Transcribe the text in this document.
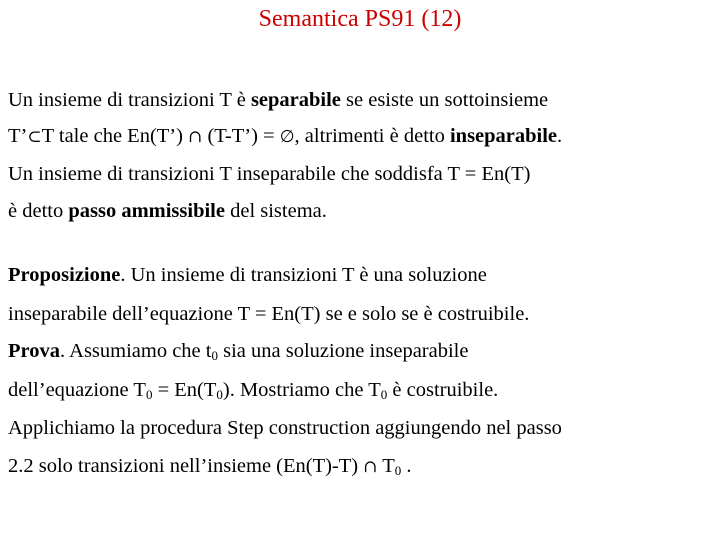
Semantica PS91 (12)
Un insieme di transizioni T è separabile se esiste un sottoinsieme
T’⊂T tale che En(T’) ∩ (T-T’) = ∅, altrimenti è detto inseparabile.
Un insieme di transizioni T inseparabile che soddisfa T = En(T)
è detto passo ammissibile del sistema.
Proposizione. Un insieme di transizioni T è una soluzione
inseparabile dell’equazione T = En(T) se e solo se è costruibile.
Prova. Assumiamo che $t_0$ sia una soluzione inseparabile
dell’equazione $T_0 = En(T_0)$. Mostriamo che $T_0$ è costruibile.
Applichiamo la procedura Step construction aggiungendo nel passo
2.2 solo transizioni nell’insieme (En(T)-T) ∩ $T_0$ .
